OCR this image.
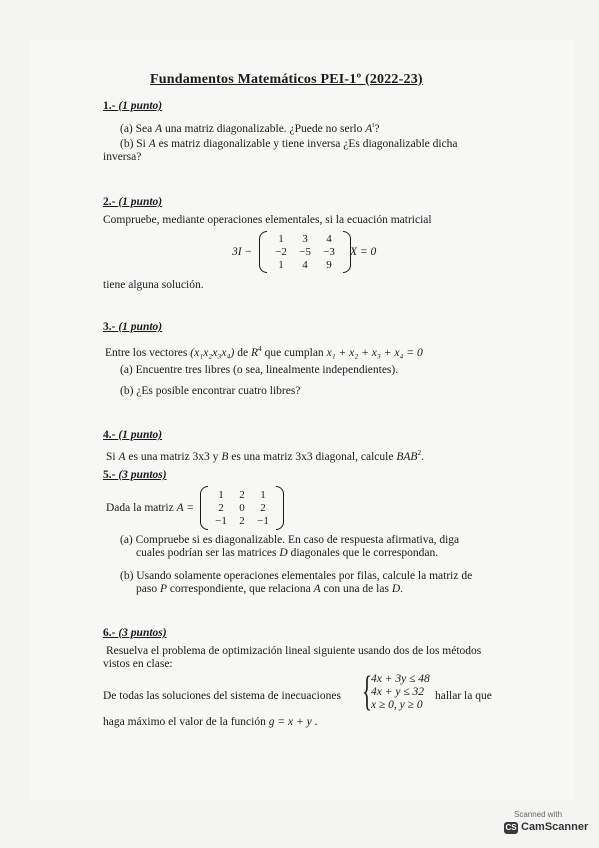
Fundamentos Matemáticos PEI-1º (2022-23)
1.- (1 punto)
(a) Sea A una matriz diagonalizable. ¿Puede no serlo $A^t$?
(b) Si A es matriz diagonalizable y tiene inversa ¿Es diagonalizable dicha
inversa?
2.- (1 punto)
Compruebe, mediante operaciones elementales, si la ecuación matricial
3I −
1	3	4
−2	−5	−3
1	4	9
X = 0
tiene alguna solución.
3.- (1 punto)
Entre los vectores (x₁x₂x₃x₄) de $R^4$ que cumplan x₁ + x₂ + x₃ + x₄ = 0
(a) Encuentre tres libres (o sea, linealmente independientes).
(b) ¿Es posible encontrar cuatro libres?
4.- (1 punto)
Si A es una matriz 3x3 y B es una matriz 3x3 diagonal, calcule BAB$^2$.
5.- (3 puntos)
Dada la matriz A =
1	2	1
2	0	2
−1	2	−1
(a) Compruebe si es diagonalizable. En caso de respuesta afirmativa, diga
cuales podrían ser las matrices D diagonales que le correspondan.
(b) Usando solamente operaciones elementales por filas, calcule la matriz de
paso P correspondiente, que relaciona A con una de las D.
6.- (3 puntos)
Resuelva el problema de optimización lineal siguiente usando dos de los métodos
vistos en clase:
De todas las soluciones del sistema de inecuaciones {
4x + 3y ≤ 48
4x + y ≤ 32
x ≥ 0, y ≥ 0
hallar la que
haga máximo el valor de la función g = x + y .
Scanned with
CS CamScanner
